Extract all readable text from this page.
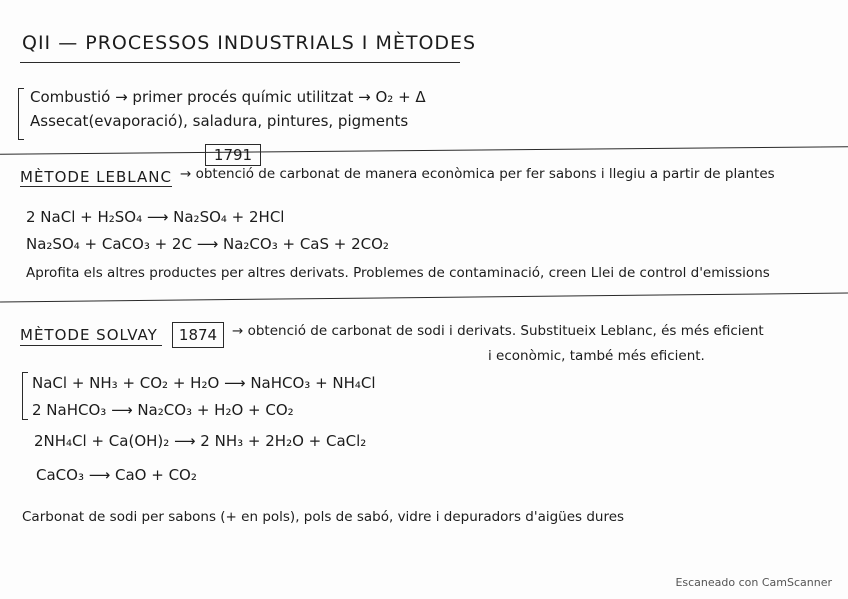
QII — PROCESSOS INDUSTRIALS I MÈTODES
Combustió → primer procés químic utilitzat → O₂ + Δ
Assecat(evaporació), saladura, pintures, pigments
MÈTODE LEBLANC
1791
→ obtenció de carbonat de manera econòmica per fer sabons i llegiu a partir de plantes
2 NaCl + H₂SO₄ ⟶ Na₂SO₄ + 2HCl
Na₂SO₄ + CaCO₃ + 2C ⟶ Na₂CO₃ + CaS + 2CO₂
Aprofita els altres productes per altres derivats. Problemes de contaminació, creen Llei de control d'emissions
MÈTODE SOLVAY	1874	→ obtenció de carbonat de sodi i derivats. Substitueix Leblanc, és més eficient
i econòmic, també més eficient.
NaCl + NH₃ + CO₂ + H₂O ⟶ NaHCO₃ + NH₄Cl
2 NaHCO₃ ⟶ Na₂CO₃ + H₂O + CO₂
2NH₄Cl + Ca(OH)₂ ⟶ 2 NH₃ + 2H₂O + CaCl₂
CaCO₃ ⟶ CaO + CO₂
Carbonat de sodi per sabons (+ en pols), pols de sabó, vidre i depuradors d'aigües dures
Escaneado con CamScanner
